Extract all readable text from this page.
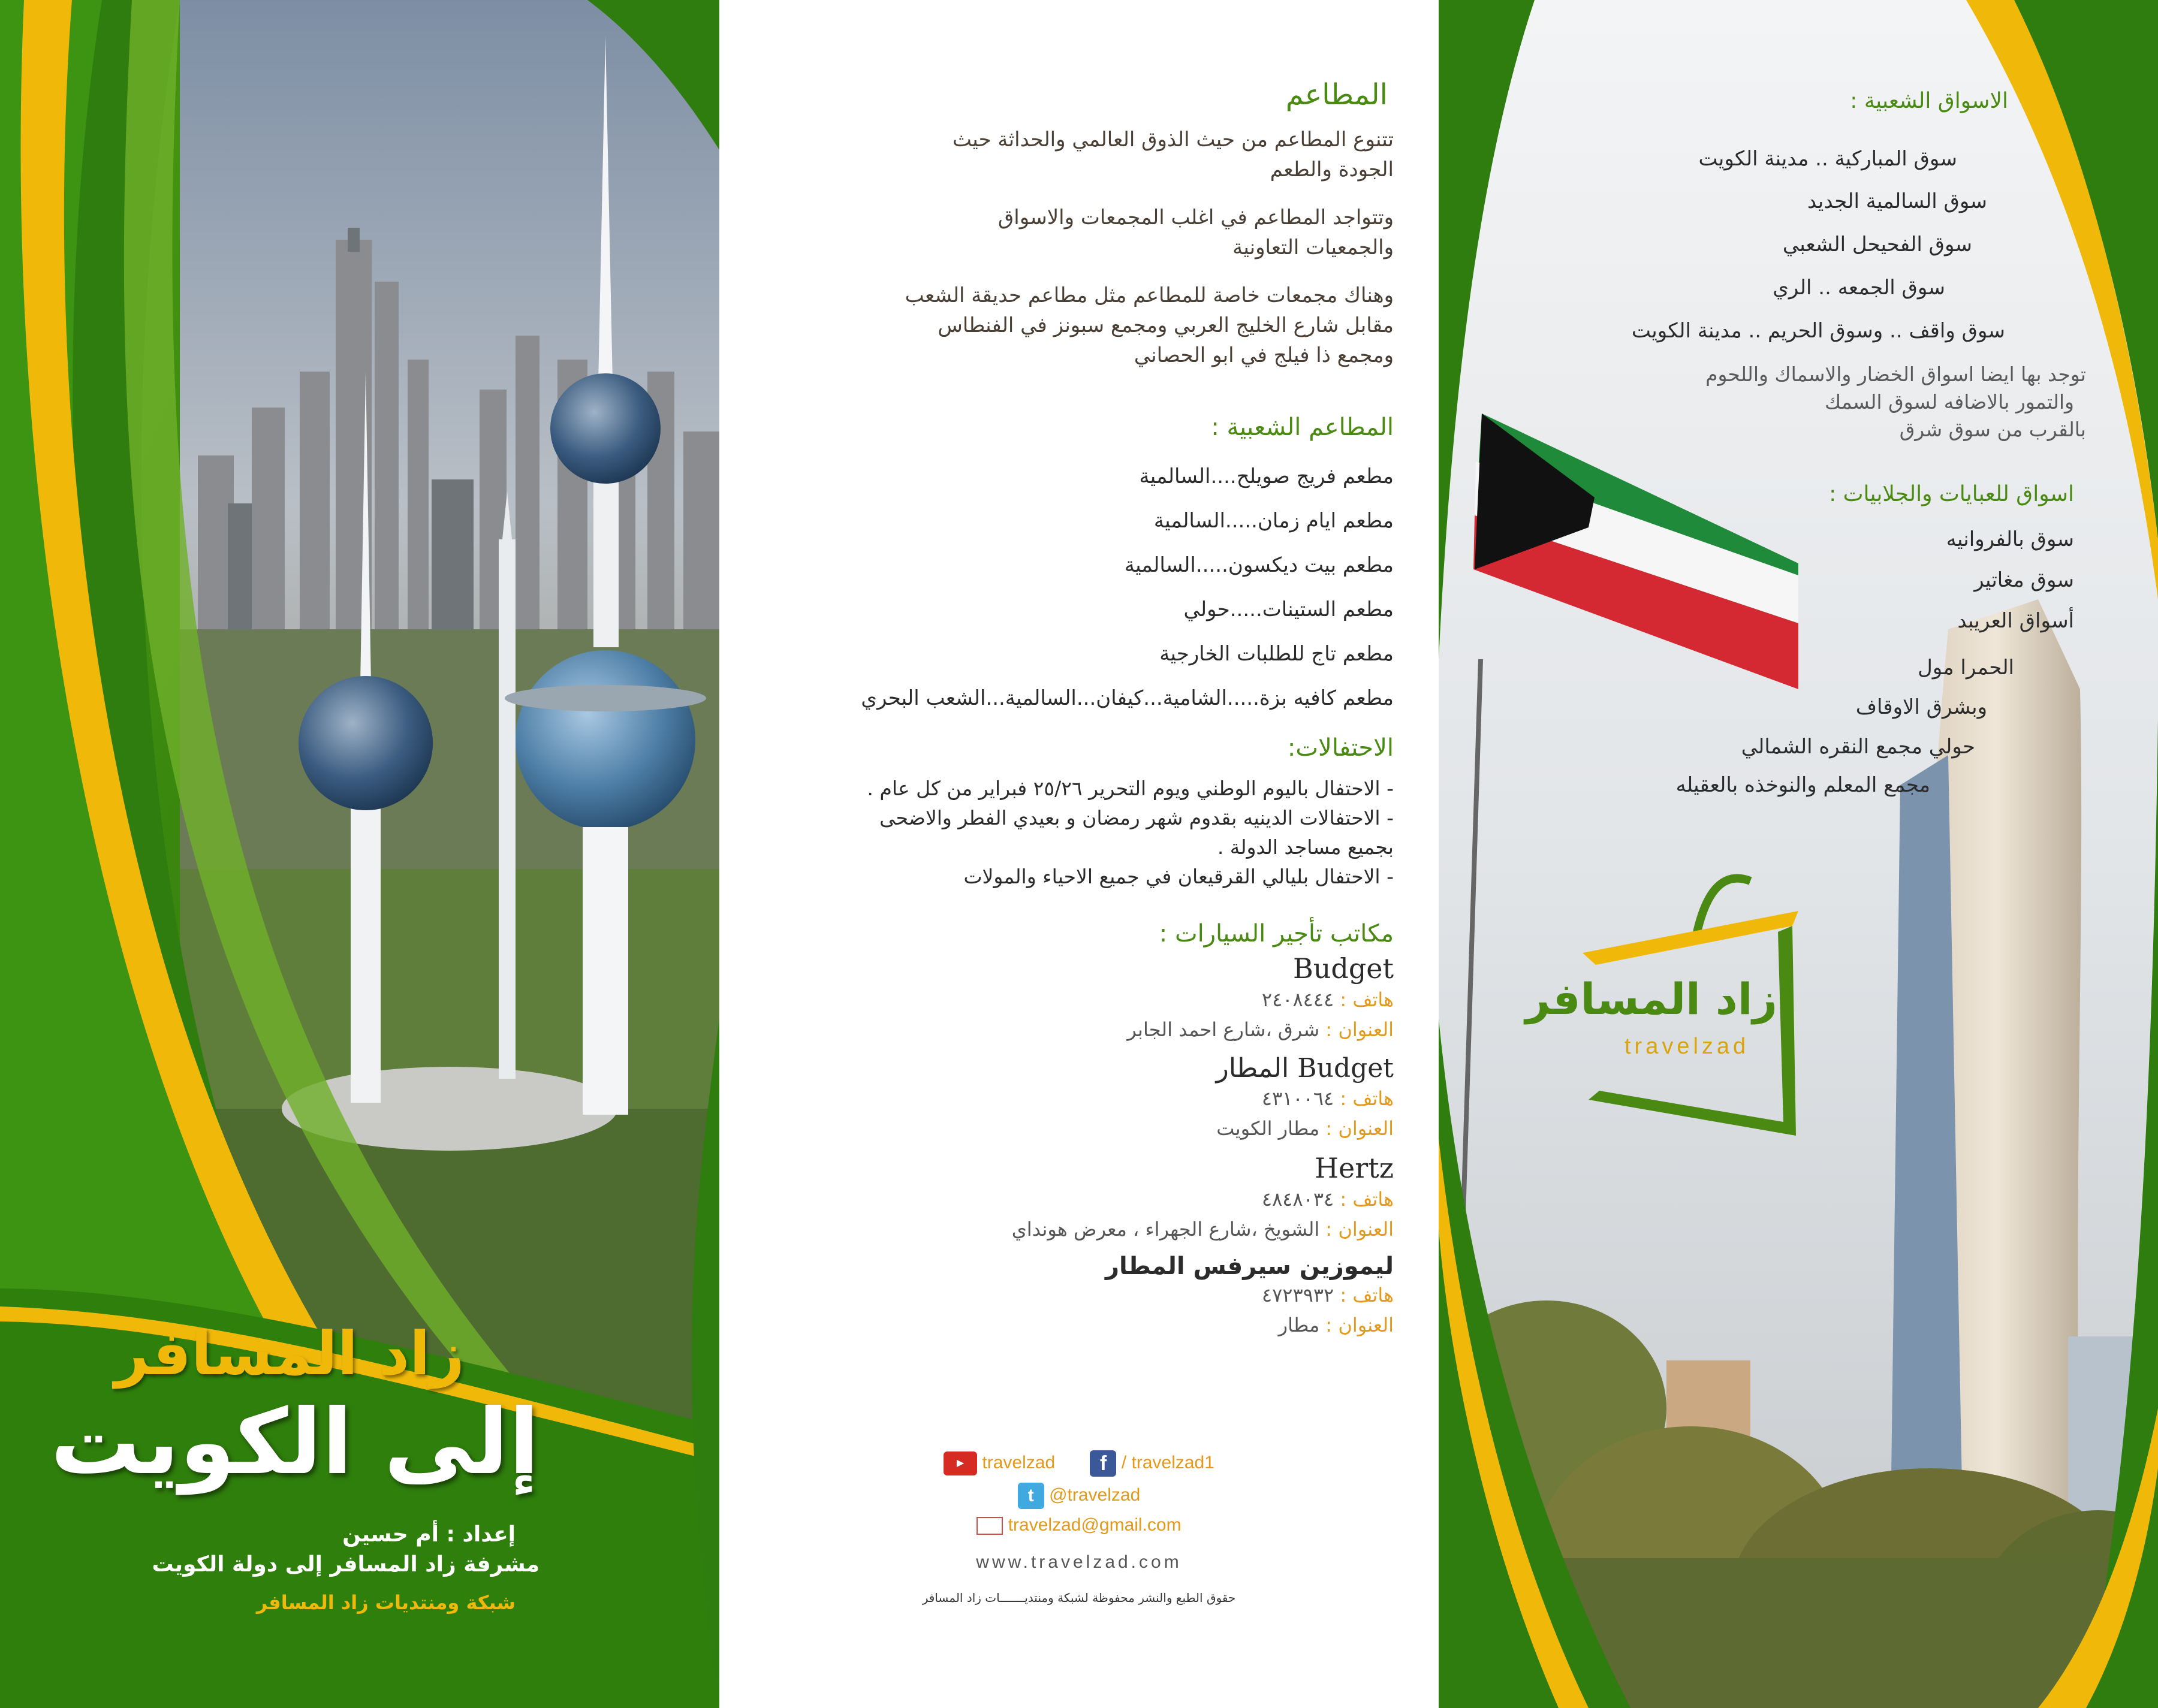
زاد المسافر
إلى الكويت
إعداد : أم حسين
مشرفة زاد المسافر إلى دولة الكويت
شبكة ومنتديات زاد المسافر
المطاعم
تتنوع المطاعم من حيث الذوق العالمي والحداثة حيث
الجودة والطعم
وتتواجد المطاعم في اغلب المجمعات والاسواق
والجمعيات التعاونية
وهناك مجمعات خاصة للمطاعم مثل مطاعم حديقة الشعب
مقابل شارع الخليج العربي ومجمع سبونز في الفنطاس
ومجمع ذا فيلج في ابو الحصاني
المطاعم الشعبية :
مطعم فريج صويلح....السالمية
مطعم ايام زمان.....السالمية
مطعم بيت ديكسون.....السالمية
مطعم الستينات.....حولي
مطعم تاج للطلبات الخارجية
مطعم كافيه بزة.....الشامية...كيفان...السالمية...الشعب البحري
الاحتفالات:
- الاحتفال باليوم الوطني ويوم التحرير ٢٥/٢٦ فبراير من كل عام .
- الاحتفالات الدينيه بقدوم شهر رمضان و بعيدي الفطر والاضحى
بجميع مساجد الدولة .
- الاحتفال بليالي القرقيعان في جميع الاحياء والمولات
مكاتب تأجير السيارات :
Budget
هاتف : ٢٤٠٨٤٤٤
العنوان : شرق ،شارع احمد الجابر
Budget المطار
هاتف : ٤٣١٠٠٦٤
العنوان : مطار الكويت
Hertz
هاتف : ٤٨٤٨٠٣٤
العنوان : الشويخ ،شارع الجهراء ، معرض هونداي
ليموزين سيرفس المطار
هاتف : ٤٧٢٣٩٣٢
العنوان : مطار
▶ travelzad f / travelzad1
t @travelzad
travelzad@gmail.com
www.travelzad.com
حقوق الطبع والنشر محفوظة لشبكة ومنتديـــــــات زاد المسافر
الاسواق الشعبية :
سوق المباركية .. مدينة الكويت
سوق السالمية الجديد
سوق الفحيحل الشعبي
سوق الجمعه .. الري
سوق واقف .. وسوق الحريم .. مدينة الكويت
توجد بها ايضا اسواق الخضار والاسماك واللحوم
والتمور بالاضافه لسوق السمك
بالقرب من سوق شرق
اسواق للعبايات والجلابيات :
سوق بالفروانيه
سوق مغاتير
أسواق العريبد
الحمرا مول
وبشرق الاوقاف
حولي مجمع النقره الشمالي
مجمع المعلم والنوخذه بالعقيله
زاد المسافر
travelzad
